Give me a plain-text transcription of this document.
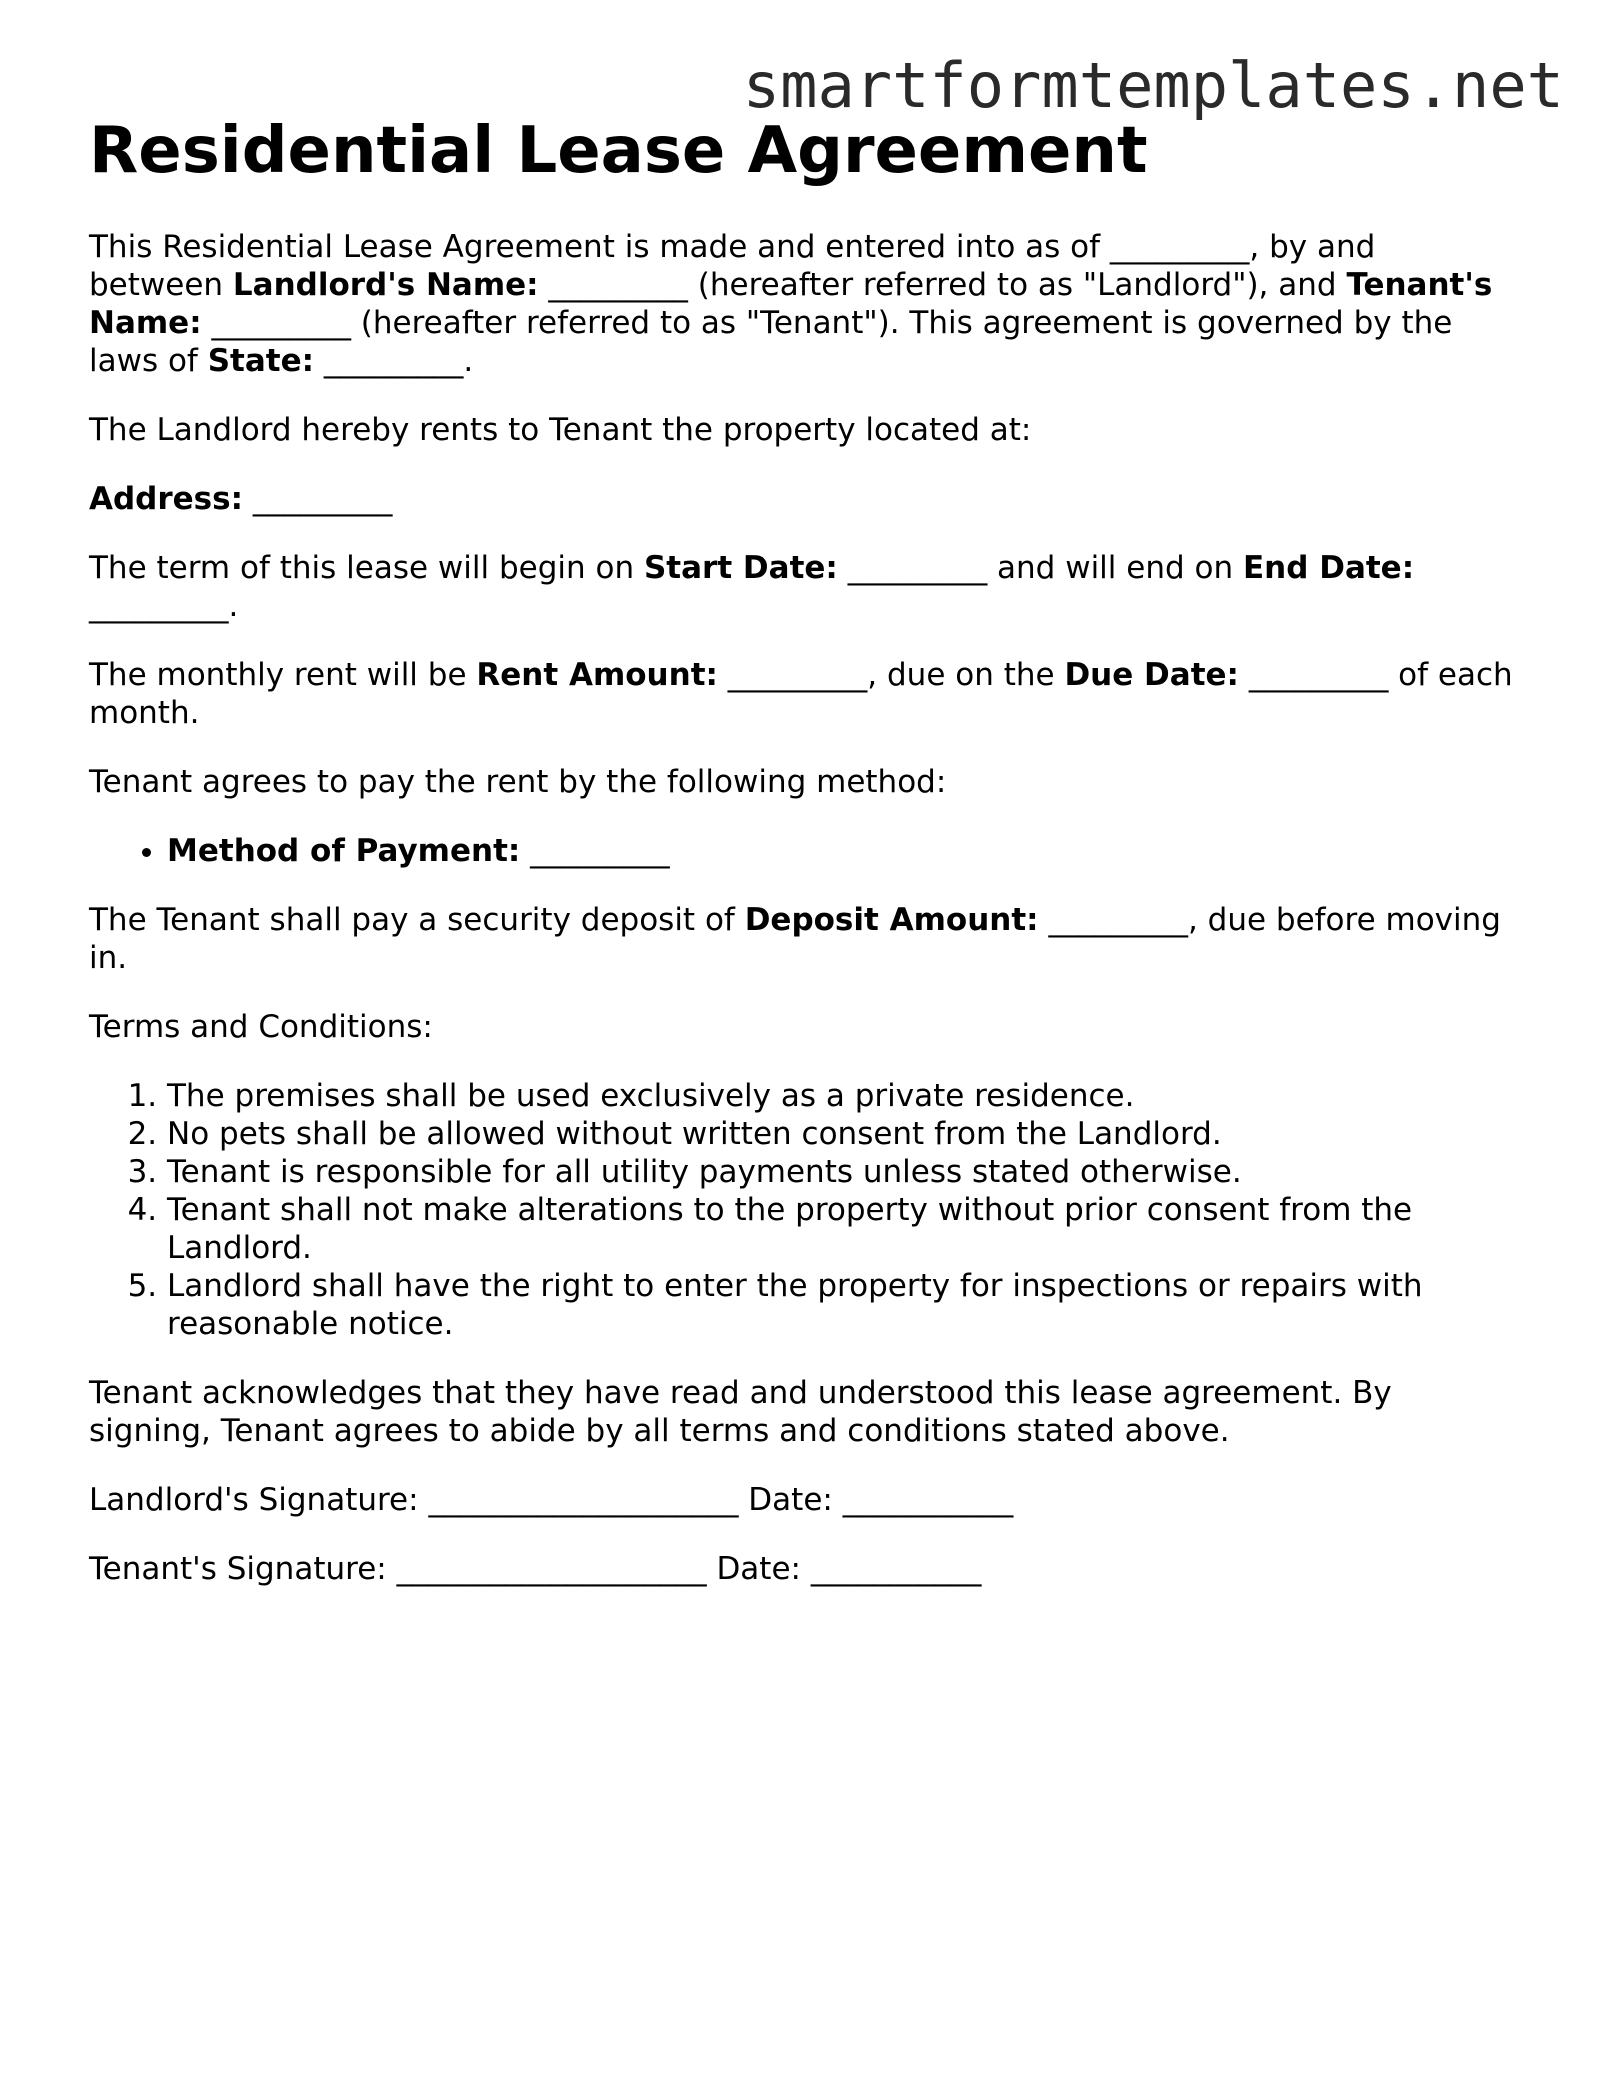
smartformtemplates.net
Residential Lease Agreement

This Residential Lease Agreement is made and entered into as of _________, by and between Landlord's Name: _________ (hereafter referred to as "Landlord"), and Tenant's Name: _________ (hereafter referred to as "Tenant"). This agreement is governed by the laws of State: _________.

The Landlord hereby rents to Tenant the property located at:

Address: _________

The term of this lease will begin on Start Date: _________ and will end on End Date: _________.

The monthly rent will be Rent Amount: _________, due on the Due Date: _________ of each month.

Tenant agrees to pay the rent by the following method:

• Method of Payment: _________

The Tenant shall pay a security deposit of Deposit Amount: _________, due before moving in.

Terms and Conditions:

1. The premises shall be used exclusively as a private residence.
2. No pets shall be allowed without written consent from the Landlord.
3. Tenant is responsible for all utility payments unless stated otherwise.
4. Tenant shall not make alterations to the property without prior consent from the Landlord.
5. Landlord shall have the right to enter the property for inspections or repairs with reasonable notice.

Tenant acknowledges that they have read and understood this lease agreement. By signing, Tenant agrees to abide by all terms and conditions stated above.

Landlord's Signature: ____________________ Date: ___________

Tenant's Signature: ____________________ Date: ___________
